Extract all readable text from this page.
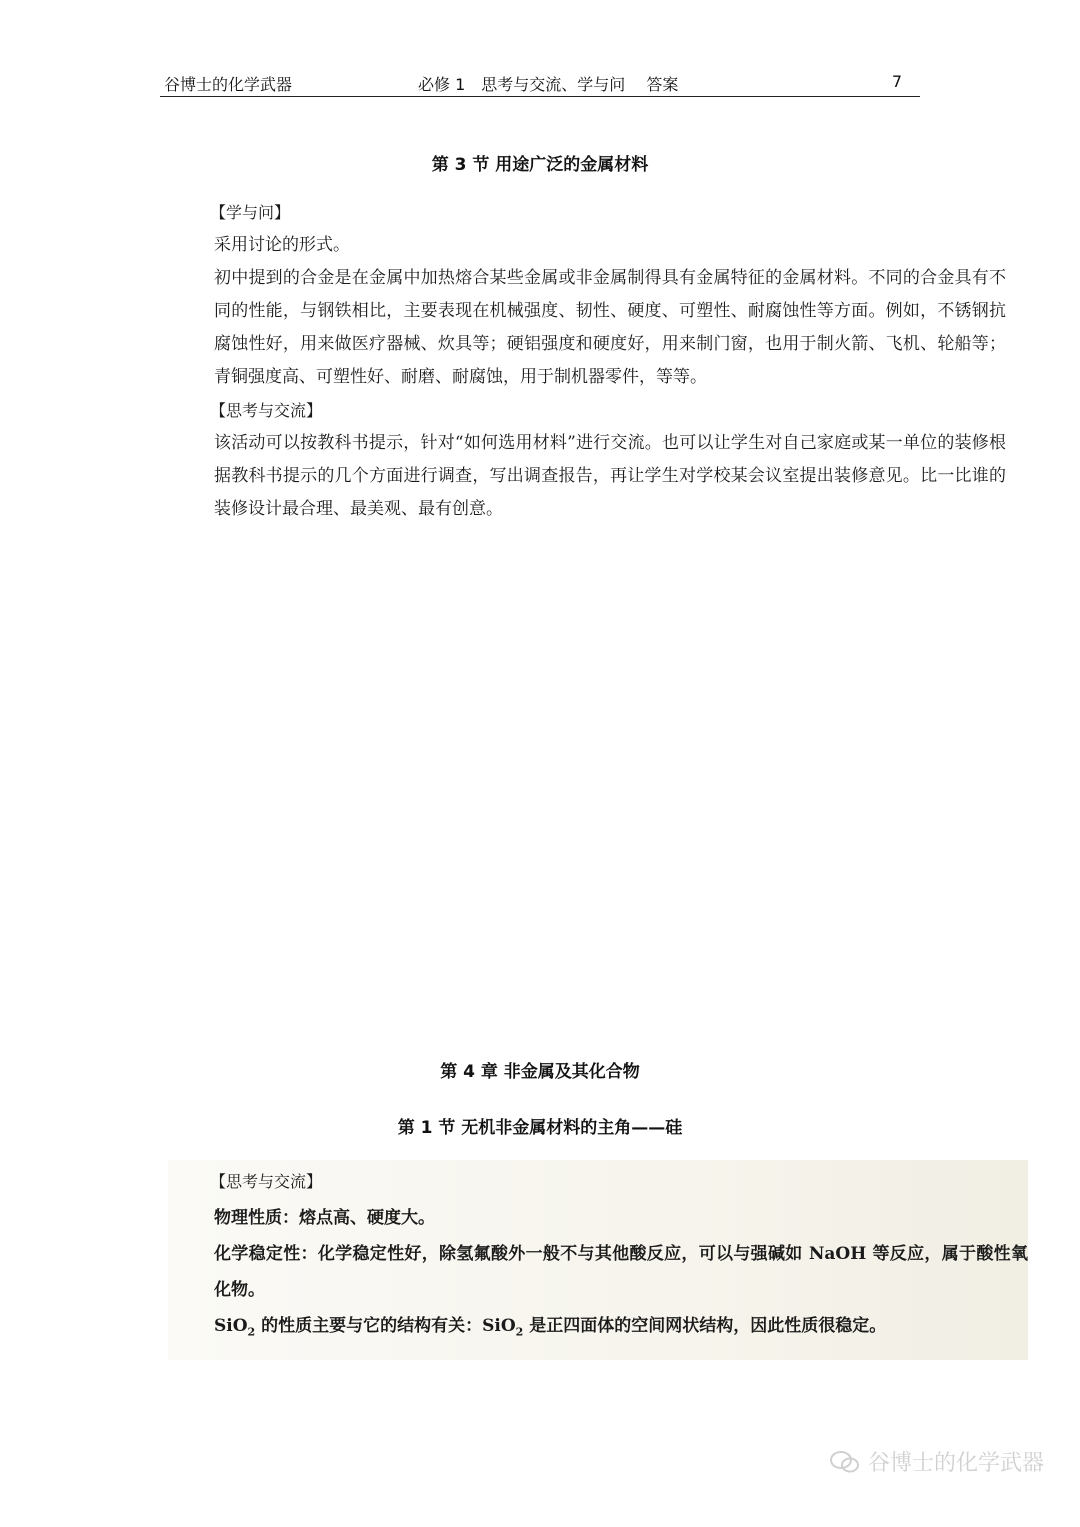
谷博士的化学武器	必修 1　思考与交流、学与问　 答案	7
第 3 节 用途广泛的金属材料

【学与问】

采用讨论的形式。

初中提到的合金是在金属中加热熔合某些金属或非金属制得具有金属特征的金属材料。不同的合金具有不同的性能，与钢铁相比，主要表现在机械强度、韧性、硬度、可塑性、耐腐蚀性等方面。例如，不锈钢抗腐蚀性好，用来做医疗器械、炊具等；硬铝强度和硬度好，用来制门窗，也用于制火箭、飞机、轮船等；青铜强度高、可塑性好、耐磨、耐腐蚀，用于制机器零件，等等。

【思考与交流】

该活动可以按教科书提示，针对“如何选用材料”进行交流。也可以让学生对自己家庭或某一单位的装修根据教科书提示的几个方面进行调查，写出调查报告，再让学生对学校某会议室提出装修意见。比一比谁的装修设计最合理、最美观、最有创意。

第 4 章 非金属及其化合物
第 1 节 无机非金属材料的主角——硅

【思考与交流】

物理性质：熔点高、硬度大。

化学稳定性：化学稳定性好，除氢氟酸外一般不与其他酸反应，可以与强碱如 NaOH 等反应，属于酸性氧化物。

SiO$_2$ 的性质主要与它的结构有关：SiO$_2$ 是正四面体的空间网状结构，因此性质很稳定。

谷博士的化学武器
